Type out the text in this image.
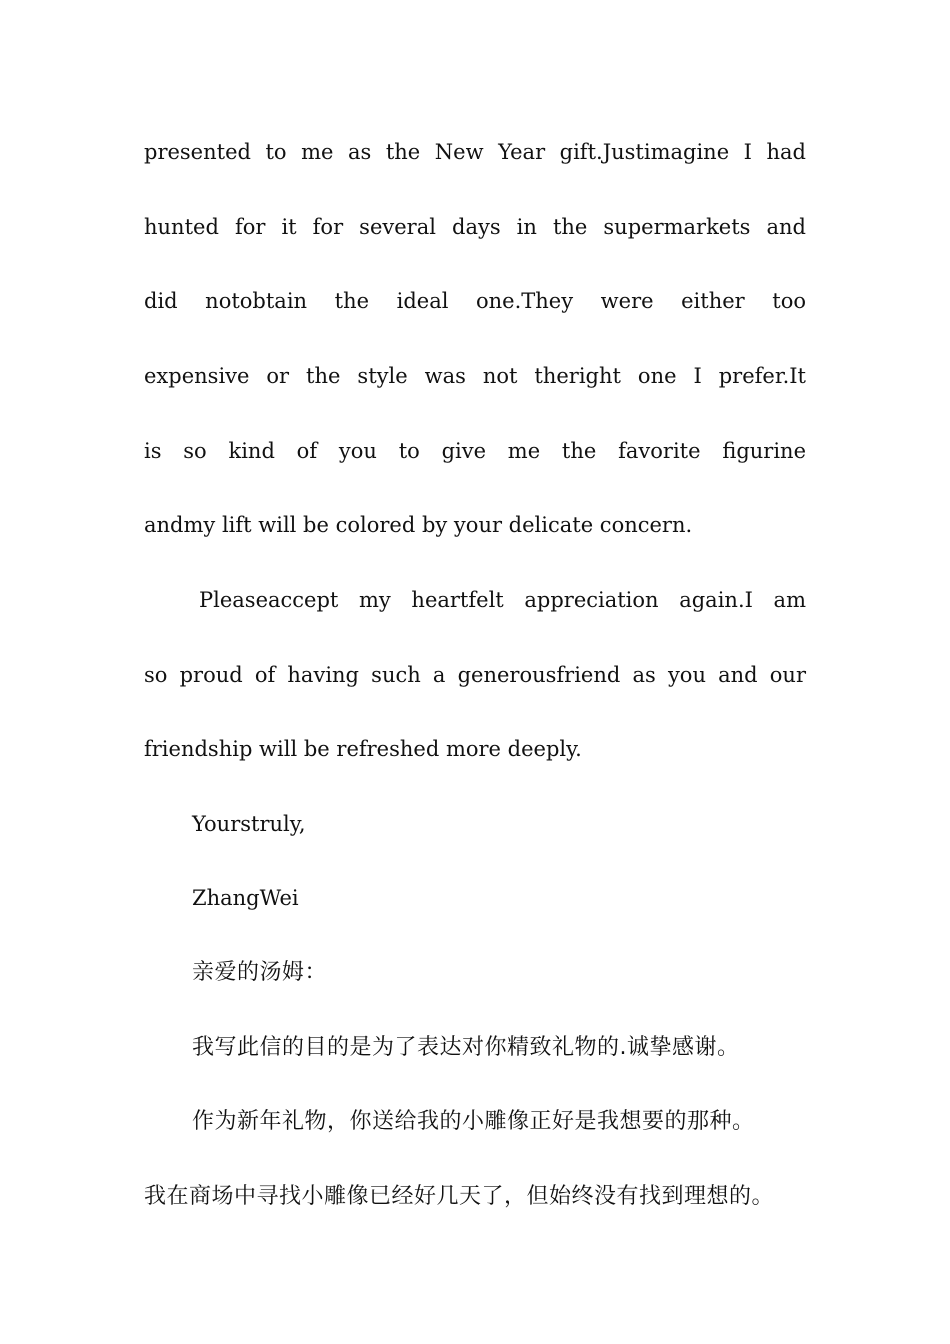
presented to me as the New Year gift.Justimagine I had
hunted for it for several days in the supermarkets and
did notobtain the ideal one.They were either too
expensive or the style was not theright one I prefer.It
is so kind of you to give me the favorite figurine
andmy lift will be colored by your delicate concern.
Pleaseaccept my heartfelt appreciation again.I am
so proud of having such a generousfriend as you and our
friendship will be refreshed more deeply.
Yourstruly,
ZhangWei
亲爱的汤姆：
我写此信的目的是为了表达对你精致礼物的.诚挚感谢。
作为新年礼物，你送给我的小雕像正好是我想要的那种。
我在商场中寻找小雕像已经好几天了，但始终没有找到理想的。
